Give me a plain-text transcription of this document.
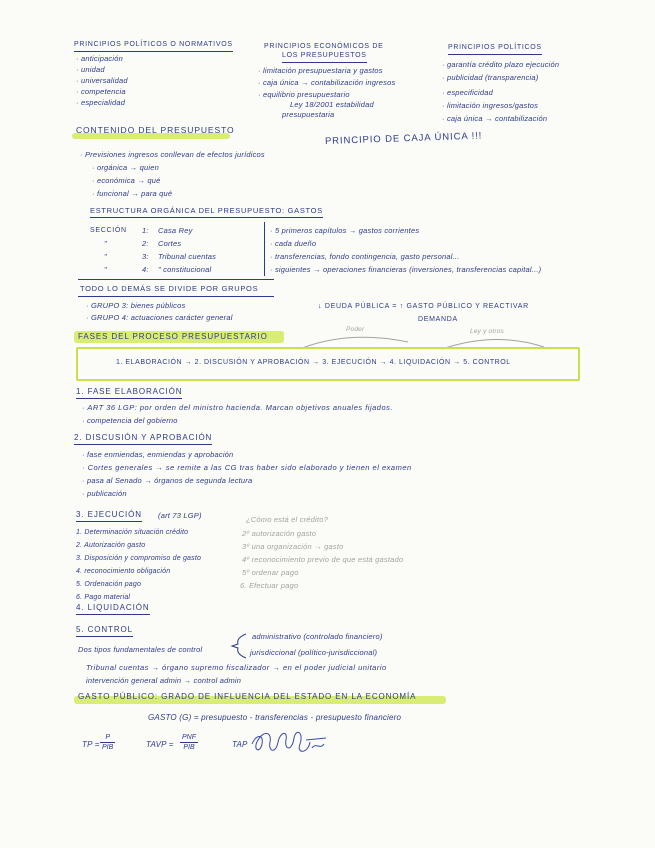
PRINCIPIOS POLÍTICOS O NORMATIVOS
· anticipación
· unidad
· universalidad
· competencia
· especialidad
PRINCIPIOS ECONÓMICOS DE
LOS PRESUPUESTOS
· limitación presupuestaria y gastos
· caja única → contabilización ingresos
· equilibrio presupuestario
Ley 18/2001 estabilidad
presupuestaria
PRINCIPIOS POLÍTICOS
· garantía crédito plazo ejecución
· publicidad (transparencia)
· especificidad
· limitación ingresos/gastos
· caja única → contabilización
CONTENIDO DEL PRESUPUESTO
PRINCIPIO DE CAJA ÚNICA !!!
· Previsiones ingresos conllevan de efectos jurídicos
· orgánica → quien
· económica → qué
· funcional → para qué
ESTRUCTURA ORGÁNICA DEL PRESUPUESTO: GASTOS
SECCIÓN 1: Casa Rey
"	2: Cortes
"	3: Tribunal cuentas
"	4: " constitucional
· 5 primeros capítulos → gastos corrientes
· cada dueño
· transferencias, fondo contingencia, gasto personal...
· siguientes → operaciones financieras (inversiones, transferencias capital...)
TODO LO DEMÁS SE DIVIDE POR GRUPOS
· GRUPO 3: bienes públicos
· GRUPO 4: actuaciones carácter general
↓ DEUDA PÚBLICA = ↑ GASTO PÚBLICO Y REACTIVAR
DEMANDA
FASES DEL PROCESO PRESUPUESTARIO
Poder	Ley y otros
1. ELABORACIÓN → 2. DISCUSIÓN Y APROBACIÓN → 3. EJECUCIÓN → 4. LIQUIDACIÓN → 5. CONTROL
1. FASE ELABORACIÓN
· ART 36 LGP: por orden del ministro hacienda. Marcan objetivos anuales fijados.
· competencia del gobierno
2. DISCUSIÓN Y APROBACIÓN
· fase enmiendas, enmiendas y aprobación
· Cortes generales → se remite a las CG tras haber sido elaborado y tienen el examen
· pasa al Senado → órganos de segunda lectura
· publicación
3. EJECUCIÓN (art 73 LGP)
1. Determinación situación crédito
2. Autorización gasto
3. Disposición y compromiso de gasto
4. reconocimiento obligación
5. Ordenación pago
6. Pago material
¿Cómo está el crédito?
2º autorización gasto
3º una organización → gasto
4º reconocimiento previo de que está gastado
5º ordenar pago
6. Efectuar pago
4. LIQUIDACIÓN
5. CONTROL
Dos tipos fundamentales de control
administrativo (controlado financiero)
jurisdiccional (político-jurisdiccional)
Tribunal cuentas → órgano supremo fiscalizador → en el poder judicial unitario
intervención general admin → control admin
GASTO PÚBLICO: GRADO DE INFLUENCIA DEL ESTADO EN LA ECONOMÍA
GASTO (G) = presupuesto - transferencias - presupuesto financiero
TP =
P
PIB	TAVP =
PNF
PIB	TAP
